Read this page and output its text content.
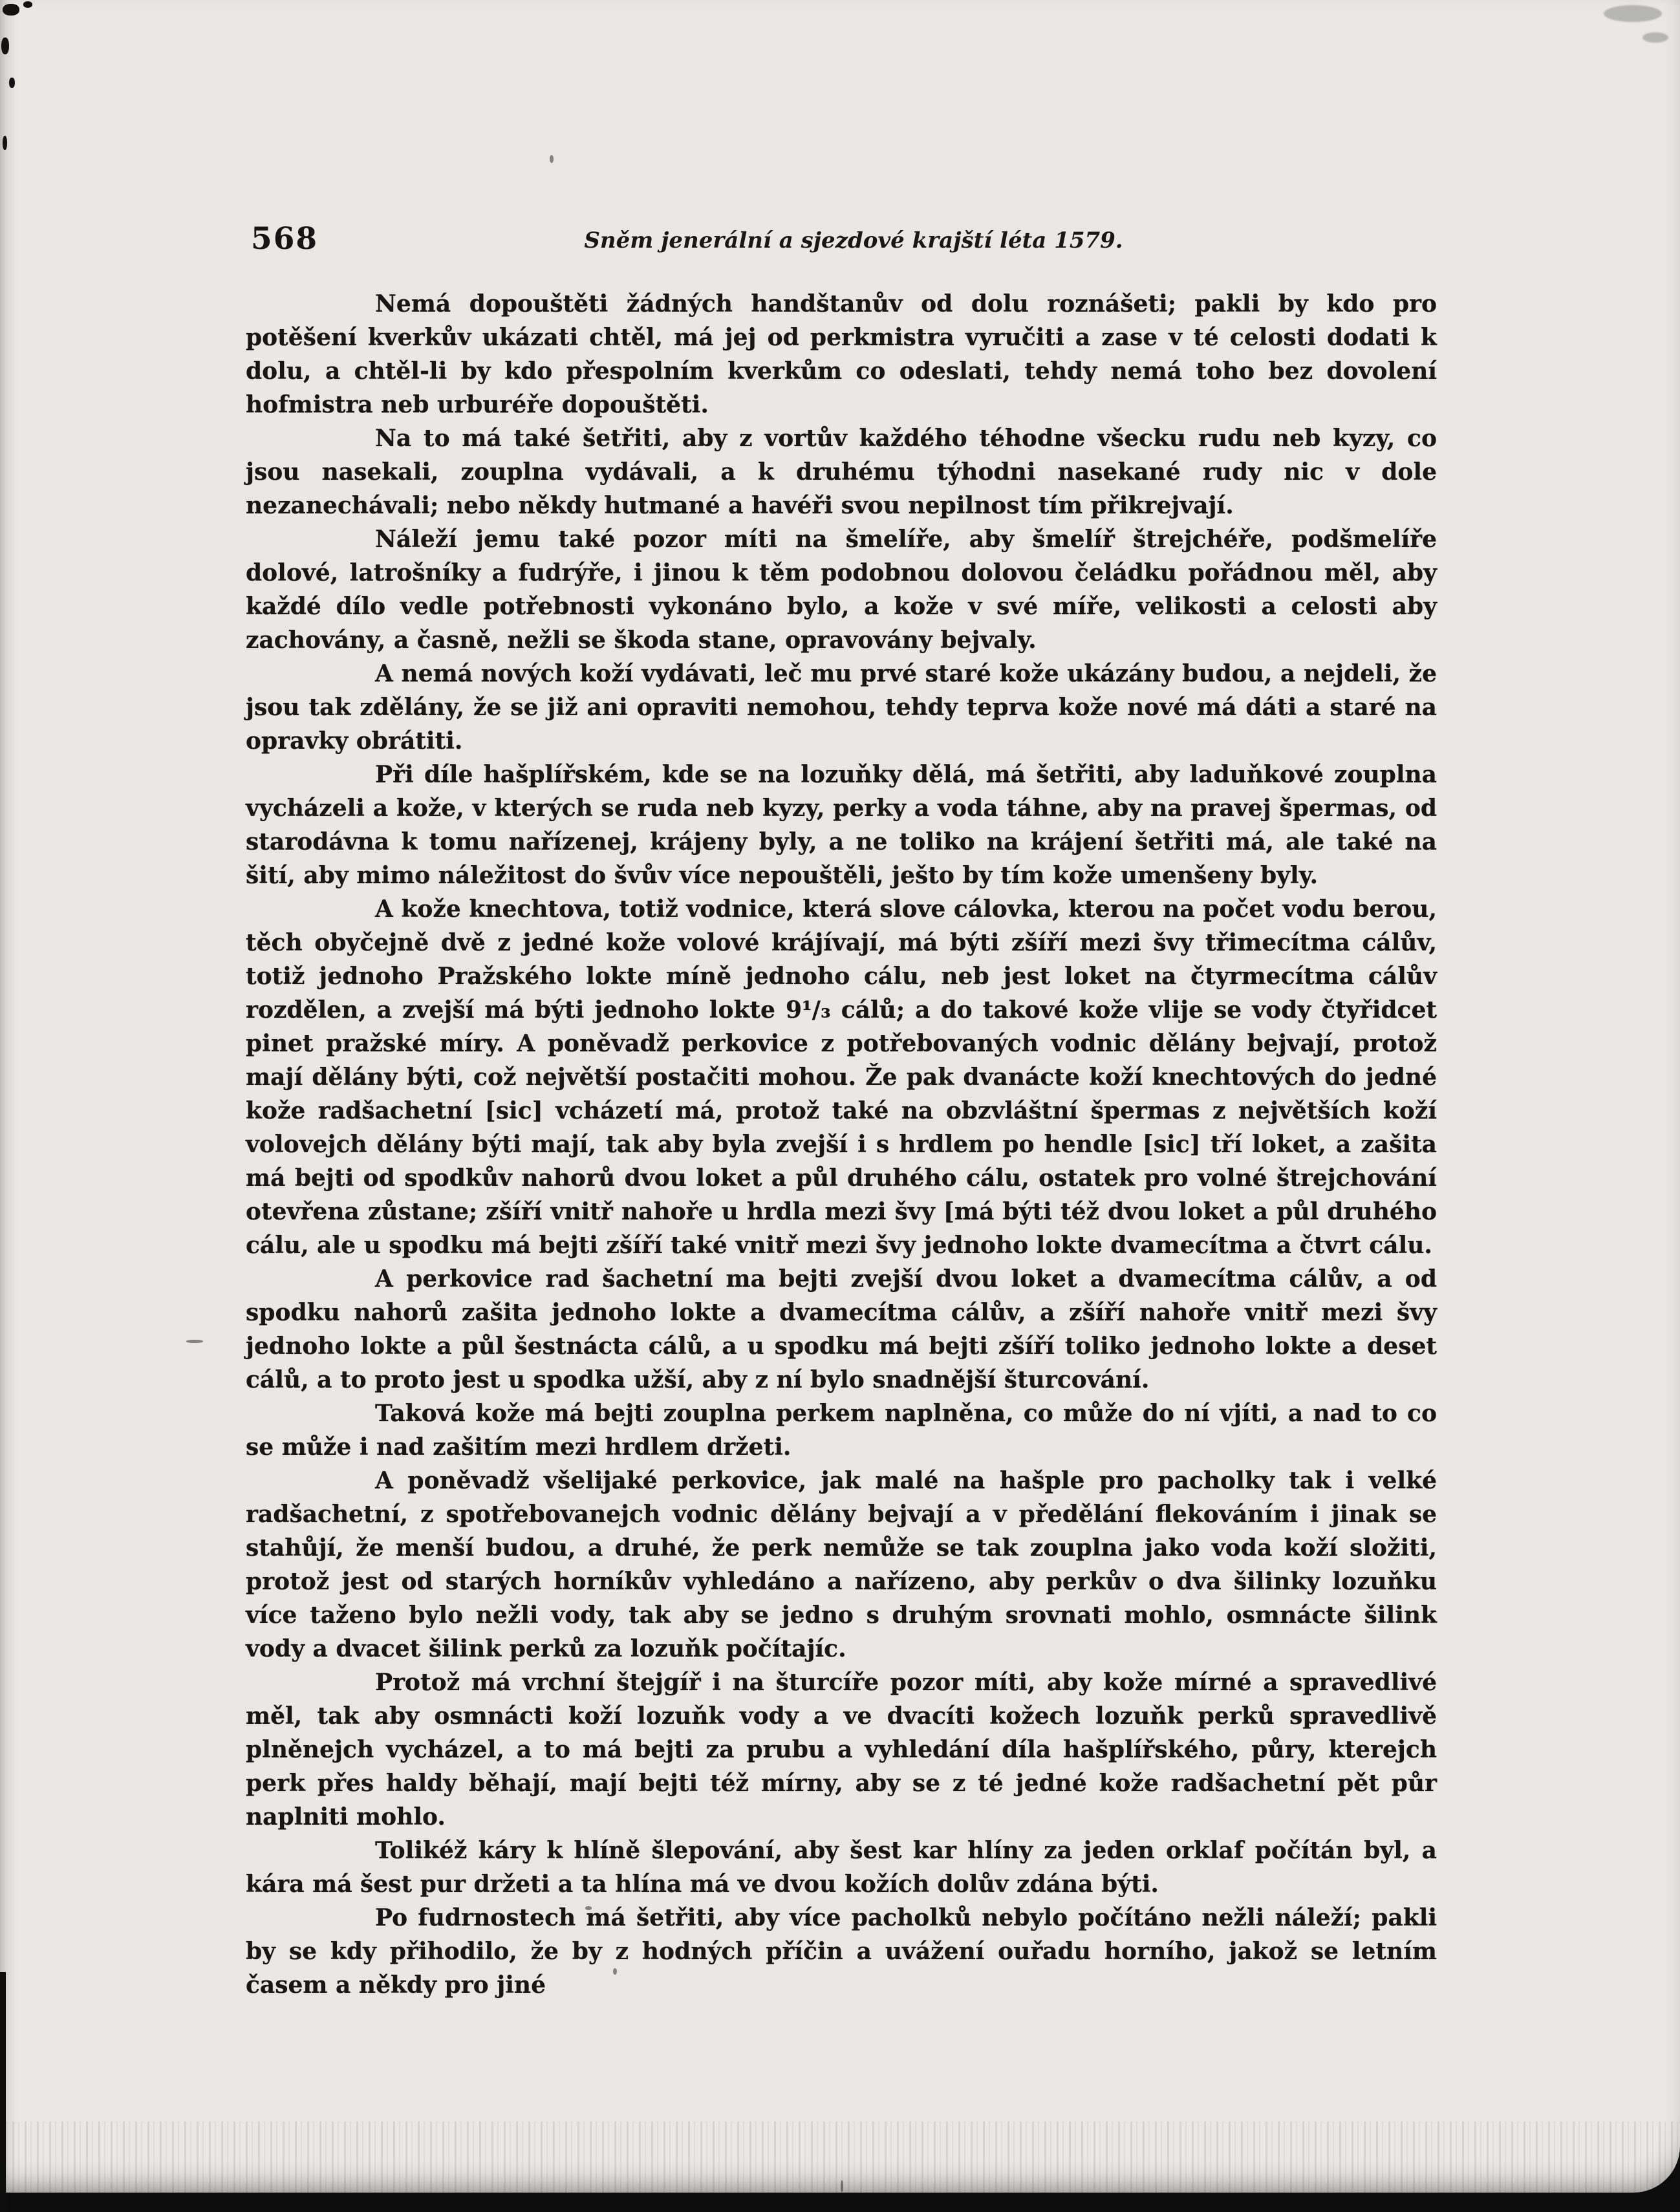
568	Sněm jenerální a sjezdové krajští léta 1579.

Nemá dopouštěti žádných handštanův od dolu roznášeti; pakli by kdo pro potěšení kverkův ukázati chtěl, má jej od perkmistra vyručiti a zase v té celosti dodati k dolu, a chtěl-li by kdo přespolním kverkům co odeslati, tehdy nemá toho bez dovolení hofmistra neb urburéře dopouštěti.

Na to má také šetřiti, aby z vortův každého téhodne všecku rudu neb kyzy, co jsou nasekali, zouplna vydávali, a k druhému týhodni nasekané rudy nic v dole nezanechávali; nebo někdy hutmané a havéři svou nepilnost tím přikrejvají.

Náleží jemu také pozor míti na šmelíře, aby šmelíř štrejchéře, podšmelíře dolové, latrošníky a fudrýře, i jinou k těm podobnou dolovou čeládku pořádnou měl, aby každé dílo vedle potřebnosti vykonáno bylo, a kože v své míře, velikosti a celosti aby zachovány, a časně, nežli se škoda stane, opravovány bejvaly.

A nemá nových koží vydávati, leč mu prvé staré kože ukázány budou, a nejdeli, že jsou tak zdělány, že se již ani opraviti nemohou, tehdy teprva kože nové má dáti a staré na opravky obrátiti.

Při díle hašplířském, kde se na lozuňky dělá, má šetřiti, aby laduňkové zouplna vycházeli a kože, v kterých se ruda neb kyzy, perky a voda táhne, aby na pravej špermas, od starodávna k tomu nařízenej, krájeny byly, a ne toliko na krájení šetřiti má, ale také na šití, aby mimo náležitost do švův více nepouštěli, ješto by tím kože umenšeny byly.

A kože knechtova, totiž vodnice, která slove cálovka, kterou na počet vodu berou, těch obyčejně dvě z jedné kože volové krájívají, má býti zšíří mezi švy třimecítma cálův, totiž jednoho Pražského lokte míně jednoho cálu, neb jest loket na čtyrmecítma cálův rozdělen, a zvejší má býti jednoho lokte 9¹/₃ cálů; a do takové kože vlije se vody čtyřidcet pinet pražské míry. A poněvadž perkovice z potřebovaných vodnic dělány bejvají, protož mají dělány býti, což největší postačiti mohou. Že pak dvanácte koží knechtových do jedné kože radšachetní [sic] vcházetí má, protož také na obzvláštní špermas z největších koží volovejch dělány býti mají, tak aby byla zvejší i s hrdlem po hendle [sic] tří loket, a zašita má bejti od spodkův nahorů dvou loket a půl druhého cálu, ostatek pro volné štrejchování otevřena zůstane; zšíří vnitř nahoře u hrdla mezi švy [má býti též dvou loket a půl druhého cálu, ale u spodku má bejti zšíří také vnitř mezi švy jednoho lokte dvamecítma a čtvrt cálu.

A perkovice rad šachetní ma bejti zvejší dvou loket a dvamecítma cálův, a od spodku nahorů zašita jednoho lokte a dvamecítma cálův, a zšíří nahoře vnitř mezi švy jednoho lokte a půl šestnácta cálů, a u spodku má bejti zšíří toliko jednoho lokte a deset cálů, a to proto jest u spodka užší, aby z ní bylo snadnější šturcování.

Taková kože má bejti zouplna perkem naplněna, co může do ní vjíti, a nad to co se může i nad zašitím mezi hrdlem držeti.

A poněvadž všelijaké perkovice, jak malé na hašple pro pacholky tak i velké radšachetní, z spotřebovanejch vodnic dělány bejvají a v předělání flekováním i jinak se stahůjí, že menší budou, a druhé, že perk nemůže se tak zouplna jako voda koží složiti, protož jest od starých horníkův vyhledáno a nařízeno, aby perkův o dva šilinky lozuňku více taženo bylo nežli vody, tak aby se jedno s druhým srovnati mohlo, osmnácte šilink vody a dvacet šilink perků za lozuňk počítajíc.

Protož má vrchní štejgíř i na šturcíře pozor míti, aby kože mírné a spravedlivé měl, tak aby osmnácti koží lozuňk vody a ve dvacíti kožech lozuňk perků spravedlivě plněnejch vycházel, a to má bejti za prubu a vyhledání díla hašplířského, půry, kterejch perk přes haldy běhají, mají bejti též mírny, aby se z té jedné kože radšachetní pět půr naplniti mohlo.

Tolikéž káry k hlíně šlepování, aby šest kar hlíny za jeden orklaf počítán byl, a kára má šest pur držeti a ta hlína má ve dvou kožích dolův zdána býti.

Po fudrnostech má šetřiti, aby více pacholků nebylo počítáno nežli náleží; pakli by se kdy přihodilo, že by z hodných příčin a uvážení ouřadu horního, jakož se letním časem a někdy pro jiné
